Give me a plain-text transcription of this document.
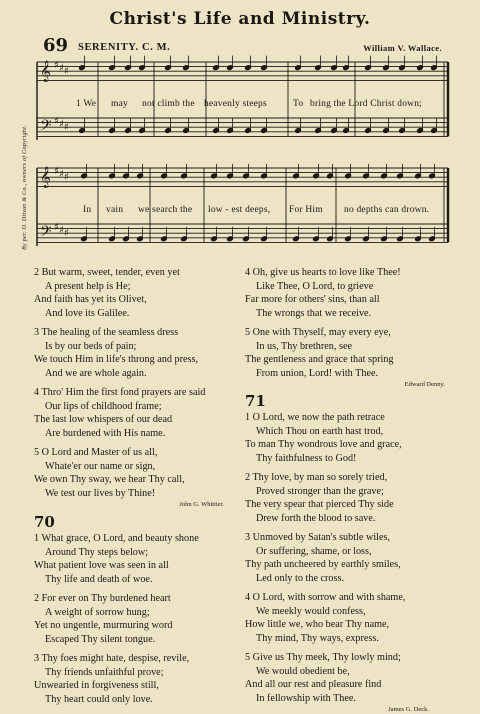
Christ's Life and Ministry.
69 SERENITY. C. M.	William V. Wallace.
By per. O. Ditson & Co., owners of Copyright.
𝄞 ♯ ♯ ♯
𝄢 ♯ ♯ ♯
𝄞 ♯ ♯ ♯
𝄢 ♯ ♯ ♯
1 We may not climb the heavenly steeps	To bring the Lord Christ down;
In vain we search the low - est deeps, For Him no depths can drown.
2 But warm, sweet, tender, even yet
A present help is He;
And faith has yet its Olivet,
And love its Galilee.
3 The healing of the seamless dress
Is by our beds of pain;
We touch Him in life's throng and press,
And we are whole again.
4 Thro' Him the first fond prayers are said
Our lips of childhood frame;
The last low whispers of our dead
Are burdened with His name.
5 O Lord and Master of us all,
Whate'er our name or sign,
We own Thy sway, we hear Thy call,
We test our lives by Thine!
John G. Whittier.
70
1 What grace, O Lord, and beauty shone
Around Thy steps below;
What patient love was seen in all
Thy life and death of woe.
2 For ever on Thy burdened heart
A weight of sorrow hung;
Yet no ungentle, murmuring word
Escaped Thy silent tongue.
3 Thy foes might hate, despise, revile,
Thy friends unfaithful prove;
Unwearied in forgiveness still,
Thy heart could only love.
4 Oh, give us hearts to love like Thee!
Like Thee, O Lord, to grieve
Far more for others' sins, than all
The wrongs that we receive.
5 One with Thyself, may every eye,
In us, Thy brethren, see
The gentleness and grace that spring
From union, Lord! with Thee.
Edward Denny.
71
1 O Lord, we now the path retrace
Which Thou on earth hast trod,
To man Thy wondrous love and grace,
Thy faithfulness to God!
2 Thy love, by man so sorely tried,
Proved stronger than the grave;
The very spear that pierced Thy side
Drew forth the blood to save.
3 Unmoved by Satan's subtle wiles,
Or suffering, shame, or loss,
Thy path uncheered by earthly smiles,
Led only to the cross.
4 O Lord, with sorrow and with shame,
We meekly would confess,
How little we, who bear Thy name,
Thy mind, Thy ways, express.
5 Give us Thy meek, Thy lowly mind;
We would obedient be,
And all our rest and pleasure find
In fellowship with Thee.
James G. Deck.
